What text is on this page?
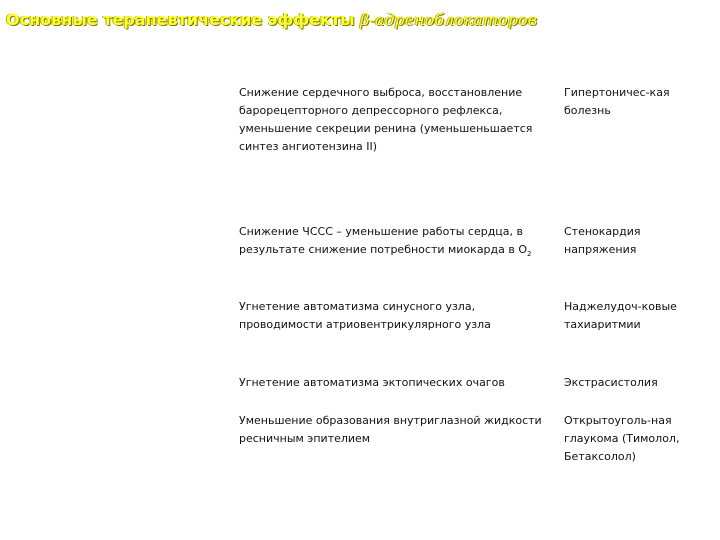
Основные терапевтические эффекты β-адреноблокаторов
Снижение сердечного выброса, восстановление барорецепторного депрессорного рефлекса, уменьшение секреции ренина (уменьшеньшается синтез ангиотензина II)
Гипертоничес-кая болезнь
Снижение ЧССС – уменьшение работы сердца, в результате снижение потребности миокарда в $О_2$
Стенокардия напряжения
Угнетение автоматизма синусного узла, проводимости атриовентрикулярного узла
Наджелудоч-ковые тахиаритмии
Угнетение автоматизма эктопических очагов	Экстрасистолия
Уменьшение образования внутриглазной жидкости ресничным эпителием
Открытоуголь-ная глаукома (Тимолол, Бетаксолол)
